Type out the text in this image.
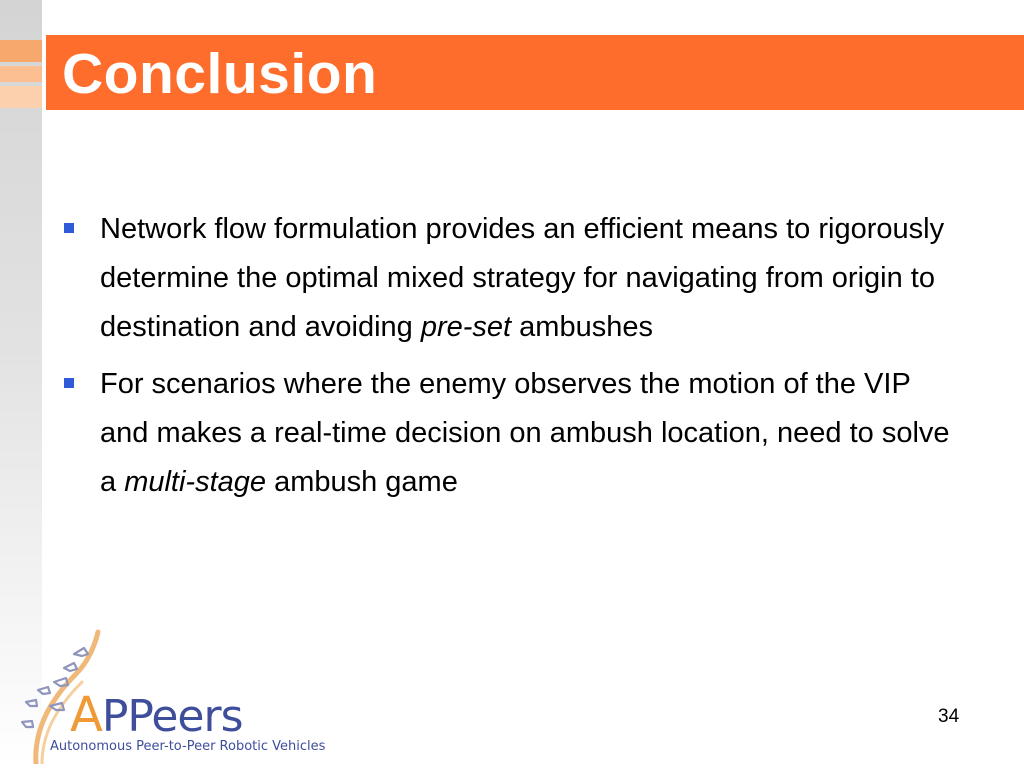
Conclusion
Network flow formulation provides an efficient means to rigorously determine the optimal mixed strategy for navigating from origin to destination and avoiding pre-set ambushes
For scenarios where the enemy observes the motion of the VIP and makes a real-time decision on ambush location, need to solve a multi-stage ambush game
APPeers
Autonomous Peer-to-Peer Robotic Vehicles
34
